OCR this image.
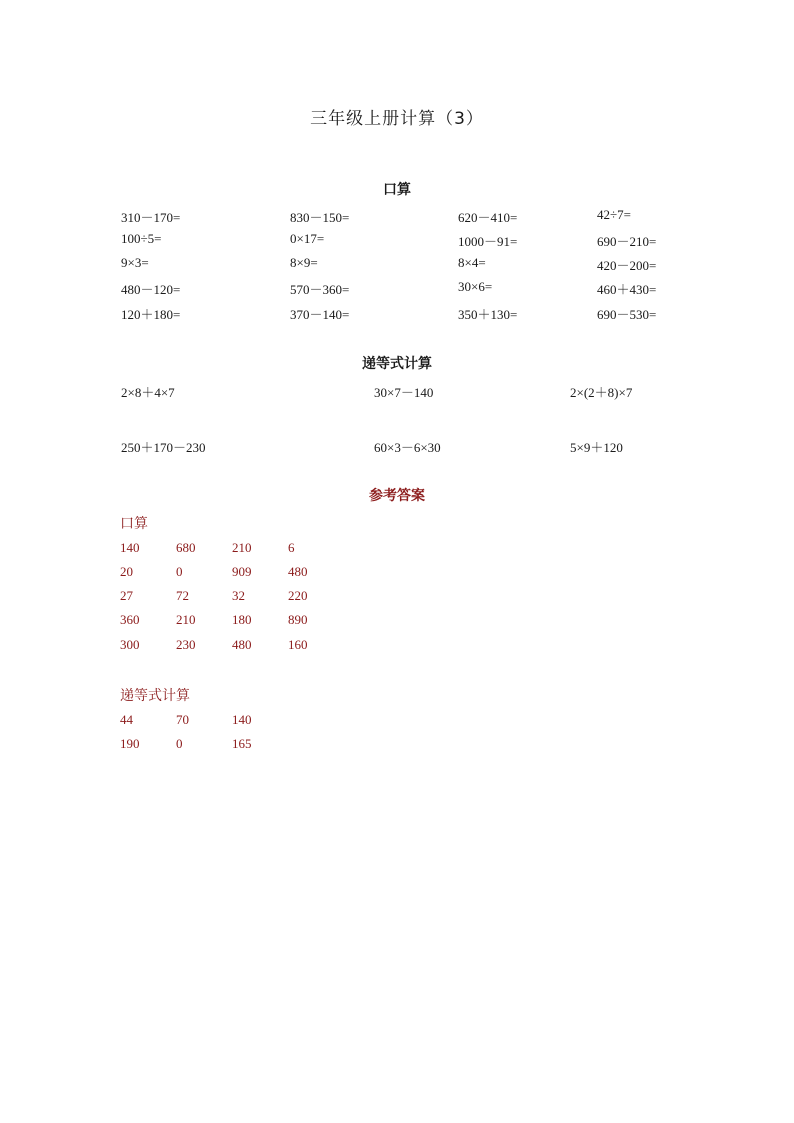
三年级上册计算（3）
口算
310－170=	830－150=	620－410=	42÷7=
100÷5=	0×17=	1000－91=	690－210=
9×3=	8×9=	8×4=	420－200=
480－120=	570－360=	30×6=	460＋430=
120＋180=	370－140=	350＋130=	690－530=
递等式计算
2×8＋4×7	30×7－140	2×(2＋8)×7
250＋170－230	60×3－6×30	5×9＋120
参考答案
口算
140	680	210	6
20	0	909	480
27	72	32	220
360	210	180	890
300	230	480	160
递等式计算
44	70	140
190	0	165
